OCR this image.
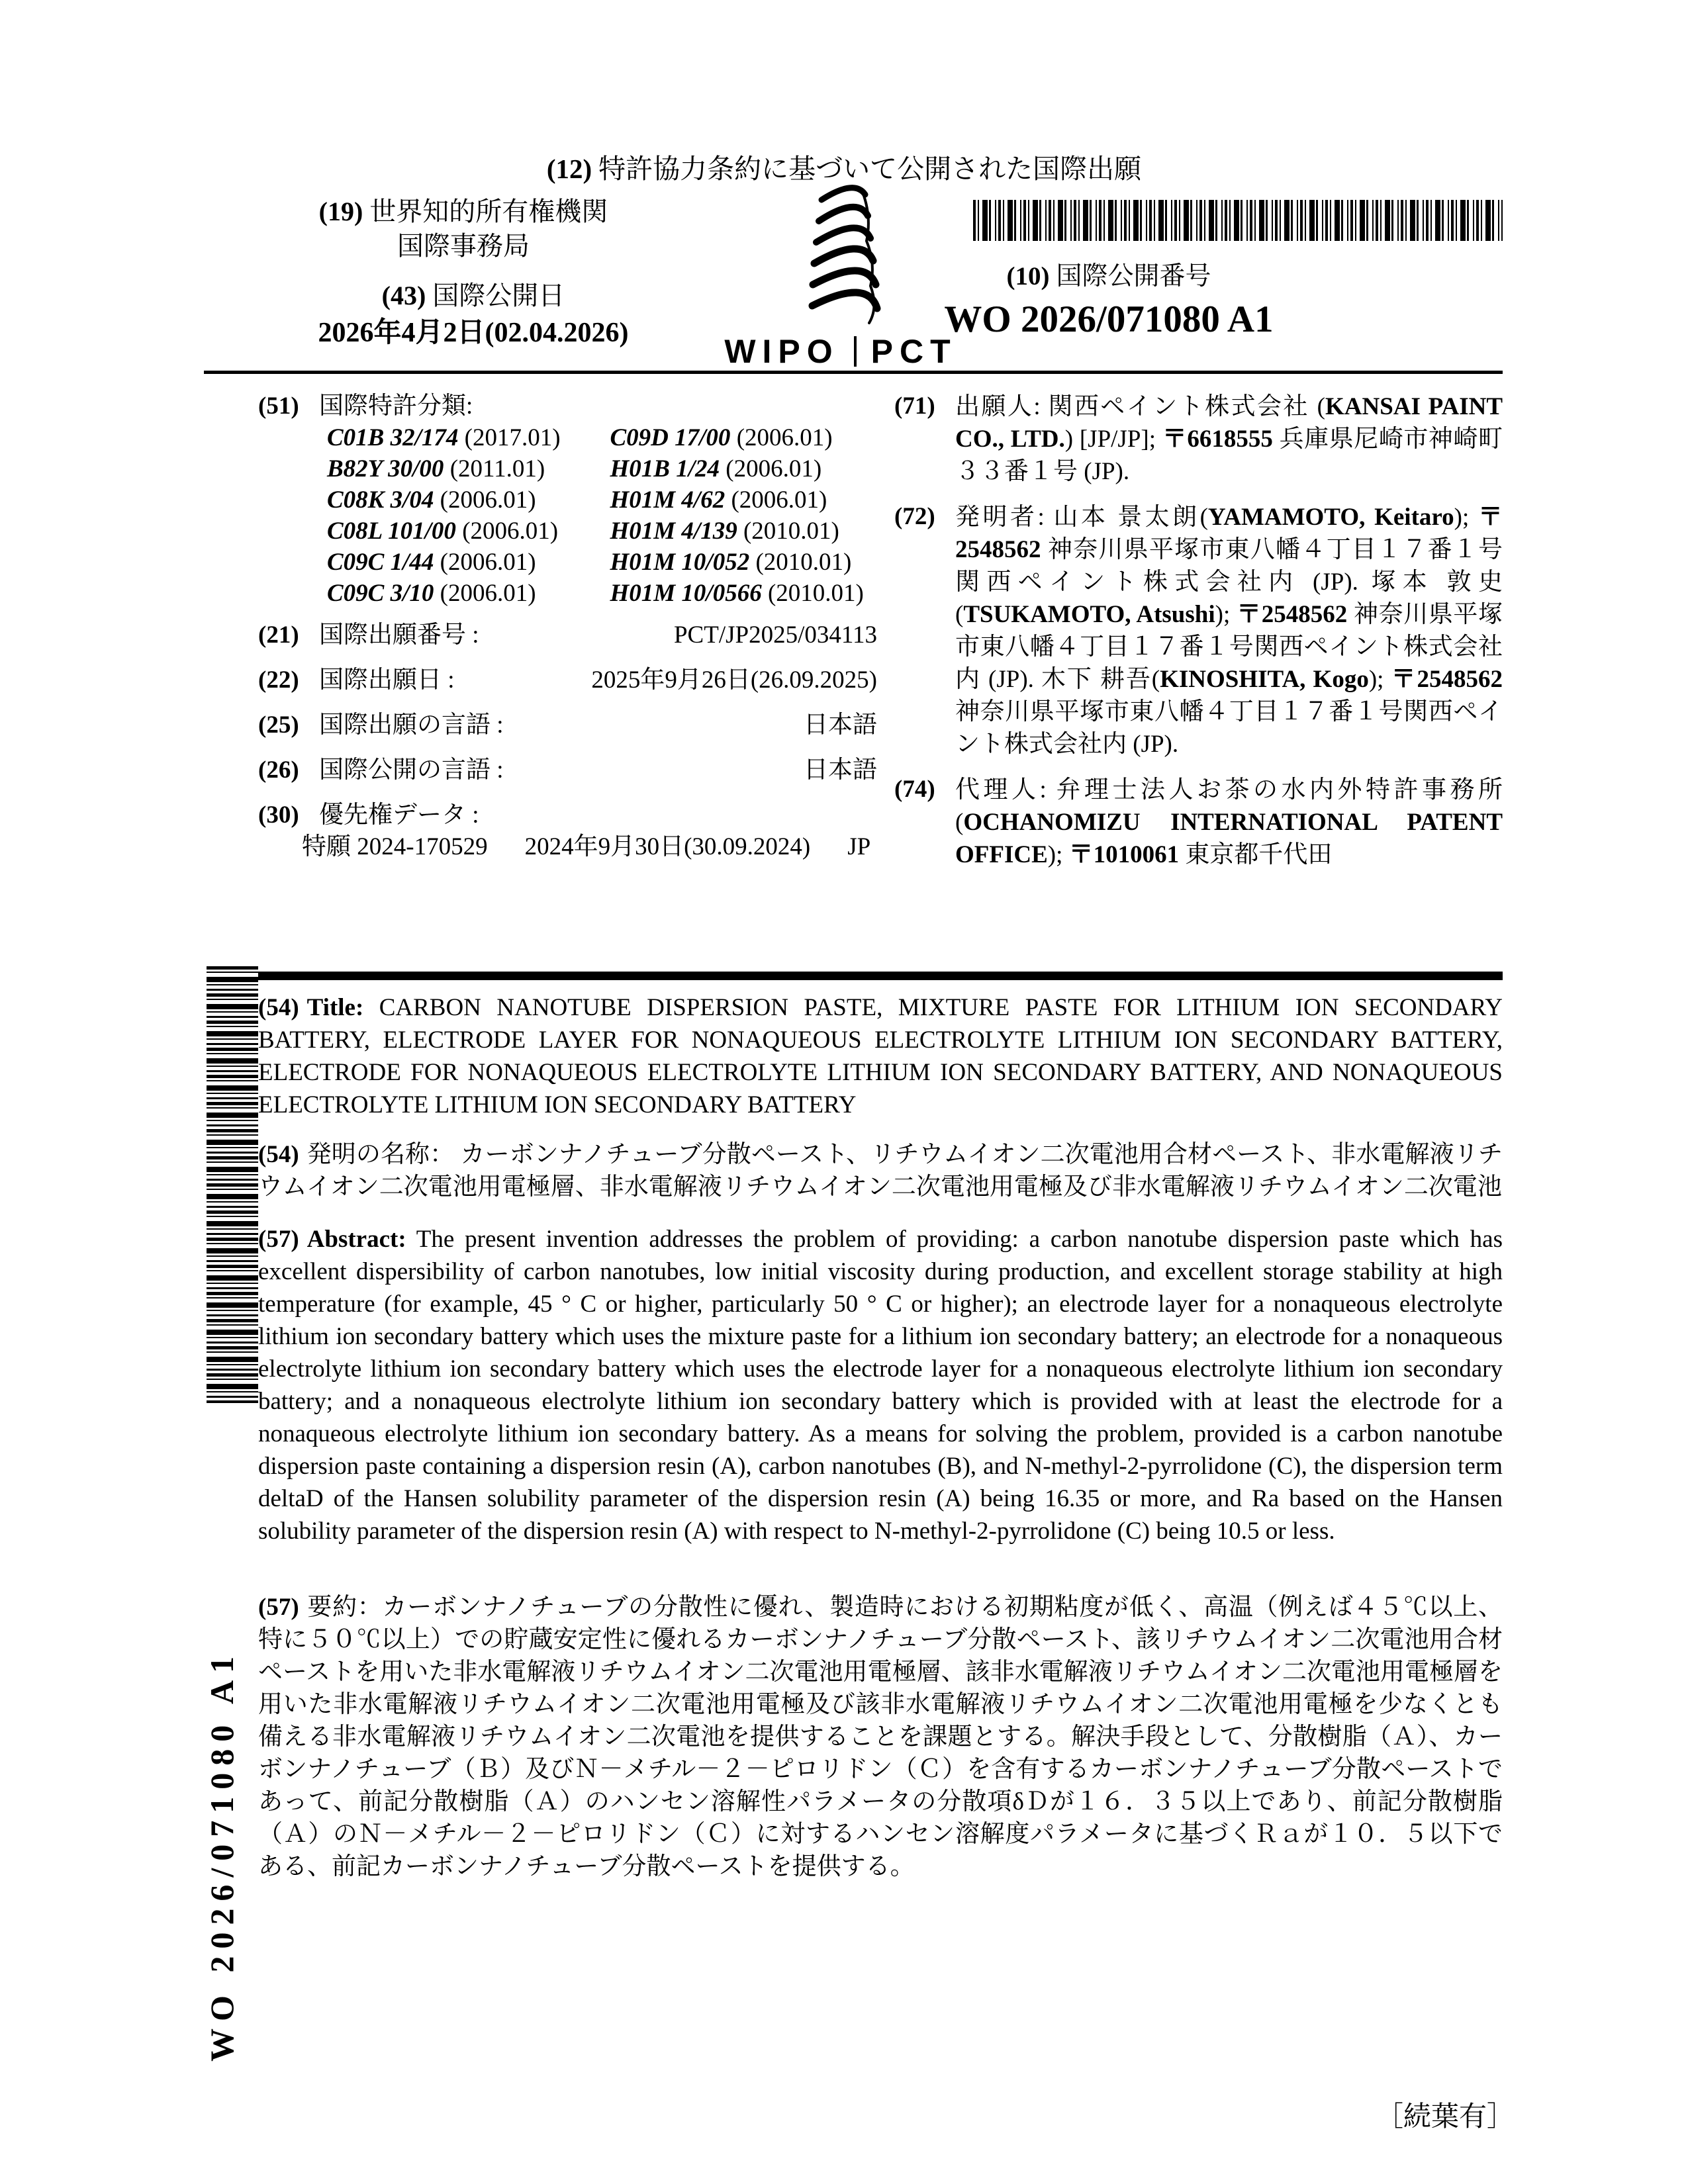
(12) 特許協力条約に基づいて公開された国際出願
(19) 世界知的所有権機関
国際事務局
(43) 国際公開日
2026年4月2日(02.04.2026)	WIPO PCT
(10) 国際公開番号
WO 2026/071080 A1
(51) 国際特許分類:
C01B 32/174 (2017.01)	C09D 17/00 (2006.01)
B82Y 30/00 (2011.01)	H01B 1/24 (2006.01)
C08K 3/04 (2006.01)	H01M 4/62 (2006.01)
C08L 101/00 (2006.01)	H01M 4/139 (2010.01)
C09C 1/44 (2006.01)	H01M 10/052 (2010.01)
C09C 3/10 (2006.01)	H01M 10/0566 (2010.01)
(21) 国際出願番号 :	PCT/JP2025/034113
(22) 国際出願日 :	2025年9月26日(26.09.2025)
(25) 国際出願の言語 :	日本語
(26) 国際公開の言語 :	日本語
(30) 優先権データ :
特願 2024-170529 2024年9月30日(30.09.2024) JP
(71) 出願人: 関西ペイント株式会社 (KANSAI PAINT CO., LTD.) [JP/JP]; 〒6618555 兵庫県尼崎市神崎町３３番１号 (JP).
(72) 発明者: 山本 景太朗(YAMAMOTO, Keitaro); 〒2548562 神奈川県平塚市東八幡４丁目１７番１号 関西ペイント株式会社内 (JP). 塚本 敦史(TSUKAMOTO, Atsushi); 〒2548562 神奈川県平塚市東八幡４丁目１７番１号関西ペイント株式会社内 (JP). 木下 耕吾(KINOSHITA, Kogo); 〒2548562 神奈川県平塚市東八幡４丁目１７番１号関西ペイント株式会社内 (JP).
(74) 代理人: 弁理士法人お茶の水内外特許事務所(OCHANOMIZU INTERNATIONAL PATENT OFFICE); 〒1010061 東京都千代田

(54) Title: CARBON NANOTUBE DISPERSION PASTE, MIXTURE PASTE FOR LITHIUM ION SECONDARY BATTERY, ELECTRODE LAYER FOR NONAQUEOUS ELECTROLYTE LITHIUM ION SECONDARY BATTERY, ELECTRODE FOR NONAQUEOUS ELECTROLYTE LITHIUM ION SECONDARY BATTERY, AND NONAQUEOUS ELECTROLYTE LITHIUM ION SECONDARY BATTERY

(54) 発明の名称： カーボンナノチューブ分散ペースト、リチウムイオン二次電池用合材ペースト、非水電解液リチウムイオン二次電池用電極層、非水電解液リチウムイオン二次電池用電極及び非水電解液リチウムイオン二次電池

(57) Abstract: The present invention addresses the problem of providing: a carbon nanotube dispersion paste which has excellent dispersibility of carbon nanotubes, low initial viscosity during production, and excellent storage stability at high temperature (for example, 45 ° C or higher, particularly 50 ° C or higher); an electrode layer for a nonaqueous electrolyte lithium ion secondary battery which uses the mixture paste for a lithium ion secondary battery; an electrode for a nonaqueous electrolyte lithium ion secondary battery which uses the electrode layer for a nonaqueous electrolyte lithium ion secondary battery; and a nonaqueous electrolyte lithium ion secondary battery which is provided with at least the electrode for a nonaqueous electrolyte lithium ion secondary battery. As a means for solving the problem, provided is a carbon nanotube dispersion paste containing a dispersion resin (A), carbon nanotubes (B), and N-methyl-2-pyrrolidone (C), the dispersion term deltaD of the Hansen solubility parameter of the dispersion resin (A) being 16.35 or more, and Ra based on the Hansen solubility parameter of the dispersion resin (A) with respect to N-methyl-2-pyrrolidone (C) being 10.5 or less.

(57) 要約：カーボンナノチューブの分散性に優れ、製造時における初期粘度が低く、高温（例えば４５℃以上、特に５０℃以上）での貯蔵安定性に優れるカーボンナノチューブ分散ペースト、該リチウムイオン二次電池用合材ペーストを用いた非水電解液リチウムイオン二次電池用電極層、該非水電解液リチウムイオン二次電池用電極層を用いた非水電解液リチウムイオン二次電池用電極及び該非水電解液リチウムイオン二次電池用電極を少なくとも備える非水電解液リチウムイオン二次電池を提供することを課題とする。解決手段として、分散樹脂（Ａ）、カーボンナノチューブ（Ｂ）及びＮ－メチル－２－ピロリドン（Ｃ）を含有するカーボンナノチューブ分散ペーストであって、前記分散樹脂（Ａ）のハンセン溶解性パラメータの分散項δＤが１６．３５以上であり、前記分散樹脂（Ａ）のＮ－メチル－２－ピロリドン（Ｃ）に対するハンセン溶解度パラメータに基づくＲａが１０．５以下である、前記カーボンナノチューブ分散ペーストを提供する。

WO 2026/071080 A1
［続葉有］
